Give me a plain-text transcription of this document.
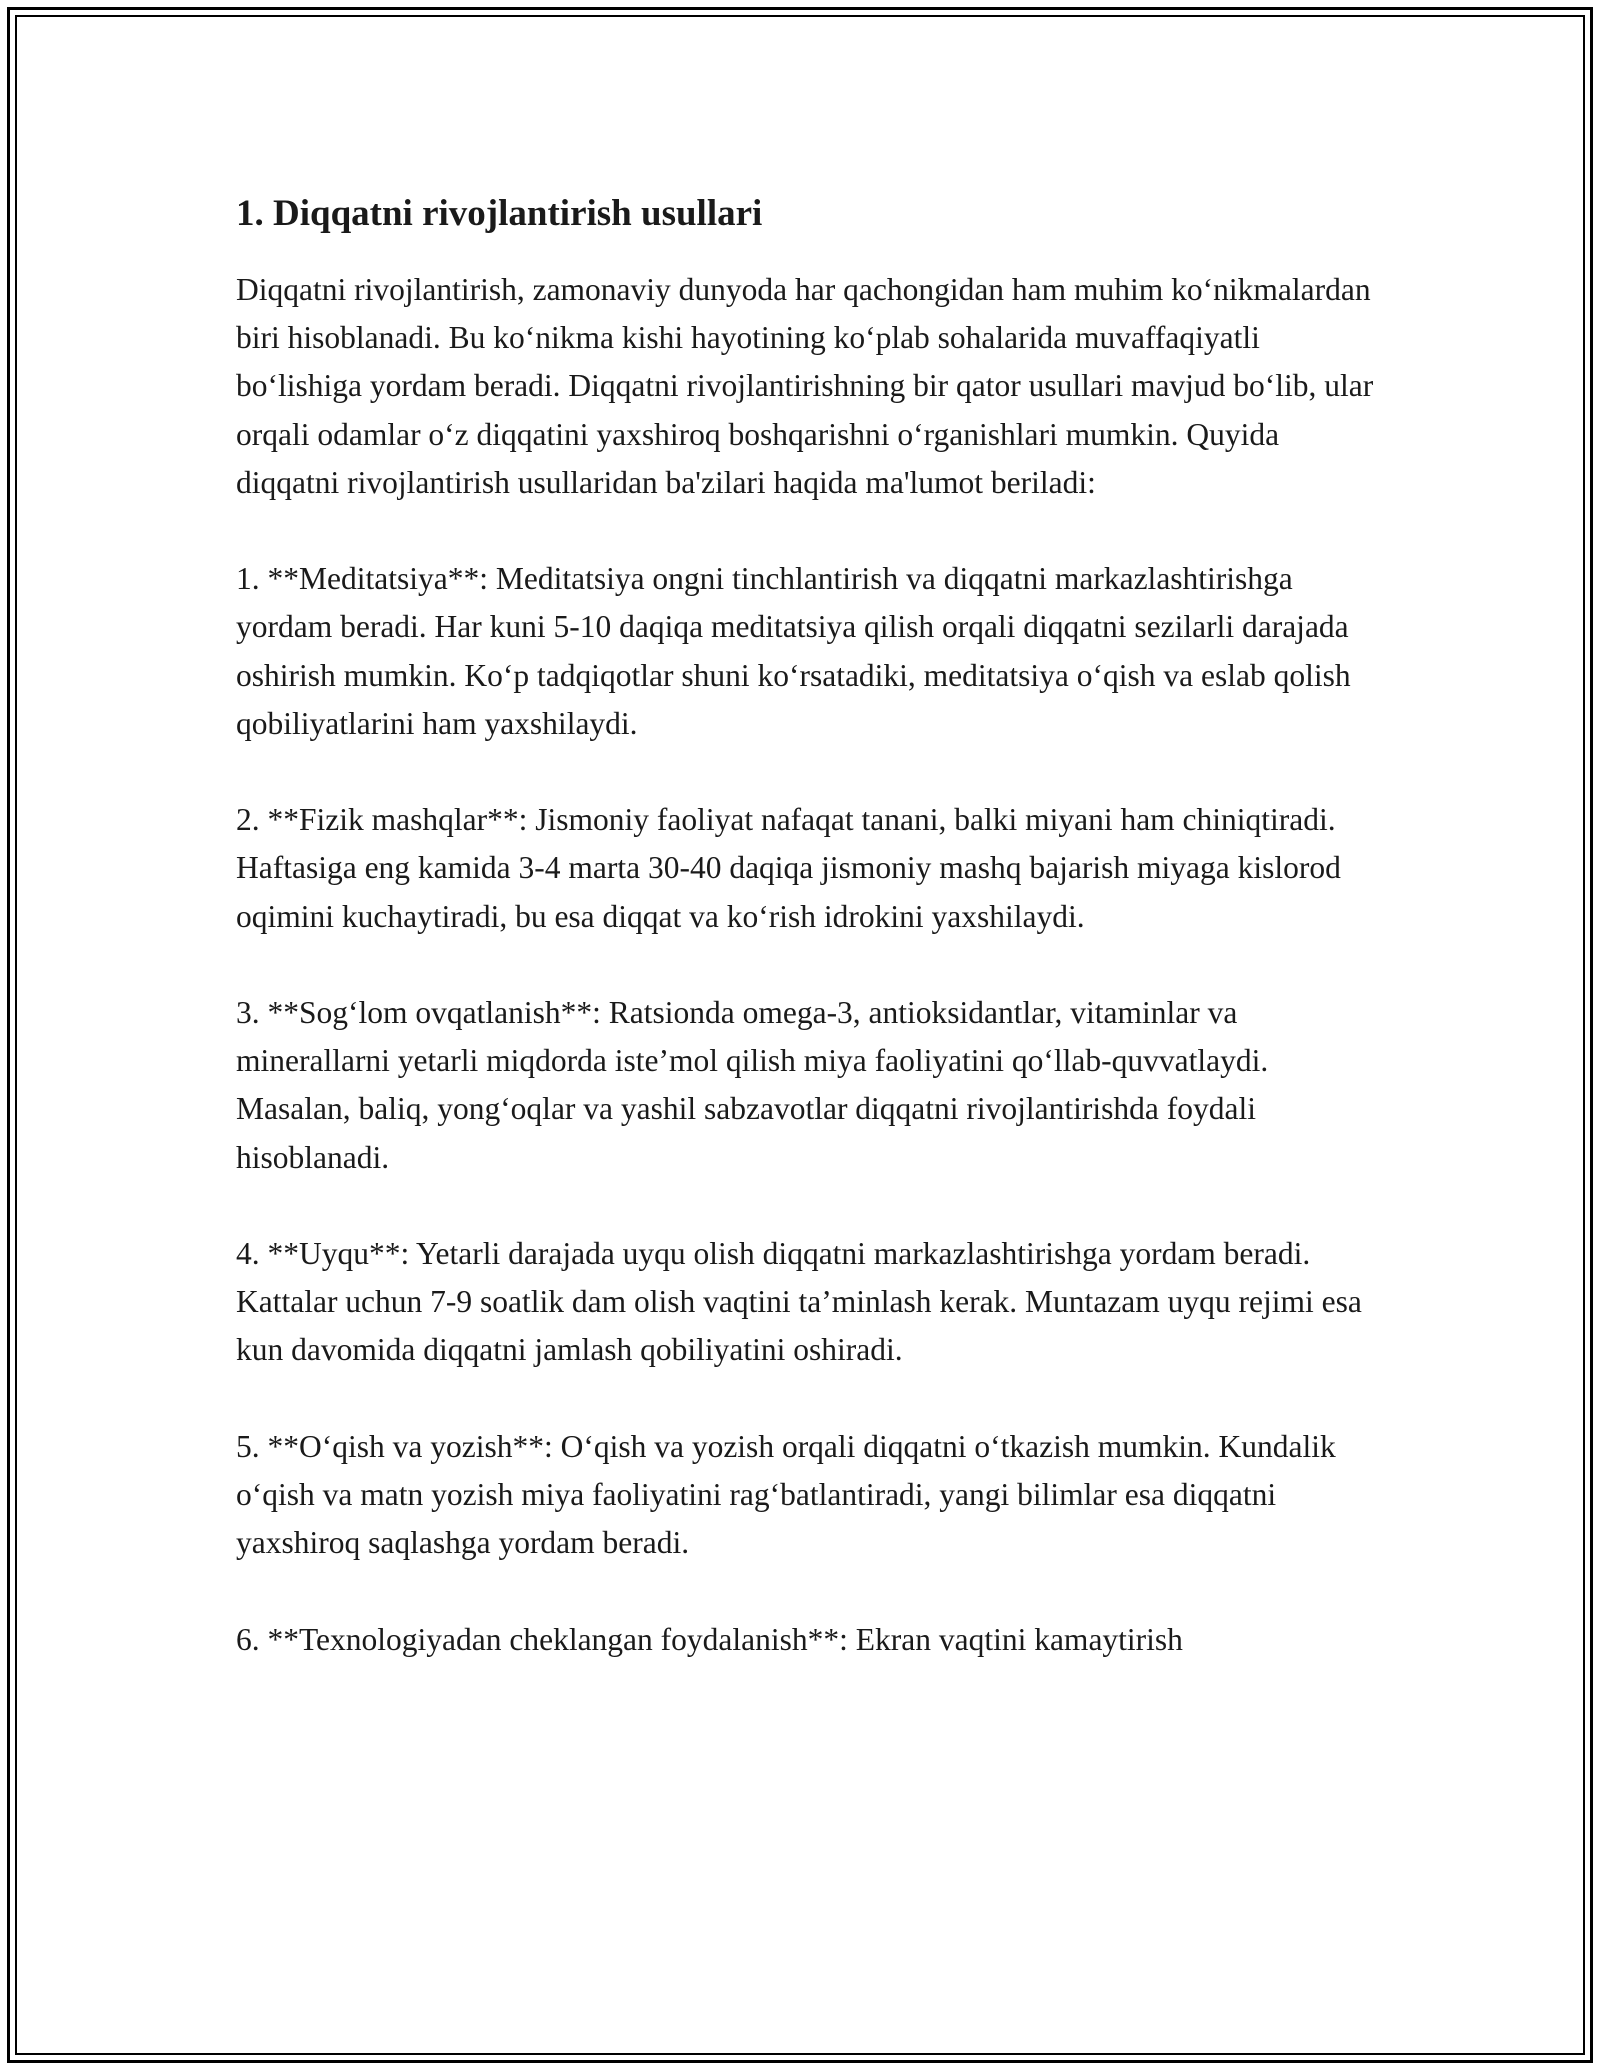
1. Diqqatni rivojlantirish usullari

Diqqatni rivojlantirish, zamonaviy dunyoda har qachongidan ham muhim ko‘nikmalardan biri hisoblanadi. Bu ko‘nikma kishi hayotining ko‘plab sohalarida muvaffaqiyatli bo‘lishiga yordam beradi. Diqqatni rivojlantirishning bir qator usullari mavjud bo‘lib, ular orqali odamlar o‘z diqqatini yaxshiroq boshqarishni o‘rganishlari mumkin. Quyida diqqatni rivojlantirish usullaridan ba'zilari haqida ma'lumot beriladi:

1. **Meditatsiya**: Meditatsiya ongni tinchlantirish va diqqatni markazlashtirishga yordam beradi. Har kuni 5-10 daqiqa meditatsiya qilish orqali diqqatni sezilarli darajada oshirish mumkin. Ko‘p tadqiqotlar shuni ko‘rsatadiki, meditatsiya o‘qish va eslab qolish qobiliyatlarini ham yaxshilaydi.

2. **Fizik mashqlar**: Jismoniy faoliyat nafaqat tanani, balki miyani ham chiniqtiradi. Haftasiga eng kamida 3-4 marta 30-40 daqiqa jismoniy mashq bajarish miyaga kislorod oqimini kuchaytiradi, bu esa diqqat va ko‘rish idrokini yaxshilaydi.

3. **Sog‘lom ovqatlanish**: Ratsionda omega-3, antioksidantlar, vitaminlar va minerallarni yetarli miqdorda iste’mol qilish miya faoliyatini qo‘llab-quvvatlaydi. Masalan, baliq, yong‘oqlar va yashil sabzavotlar diqqatni rivojlantirishda foydali hisoblanadi.

4. **Uyqu**: Yetarli darajada uyqu olish diqqatni markazlashtirishga yordam beradi. Kattalar uchun 7-9 soatlik dam olish vaqtini ta’minlash kerak. Muntazam uyqu rejimi esa kun davomida diqqatni jamlash qobiliyatini oshiradi.

5. **O‘qish va yozish**: O‘qish va yozish orqali diqqatni o‘tkazish mumkin. Kundalik o‘qish va matn yozish miya faoliyatini rag‘batlantiradi, yangi bilimlar esa diqqatni yaxshiroq saqlashga yordam beradi.

6. **Texnologiyadan cheklangan foydalanish**: Ekran vaqtini kamaytirish
